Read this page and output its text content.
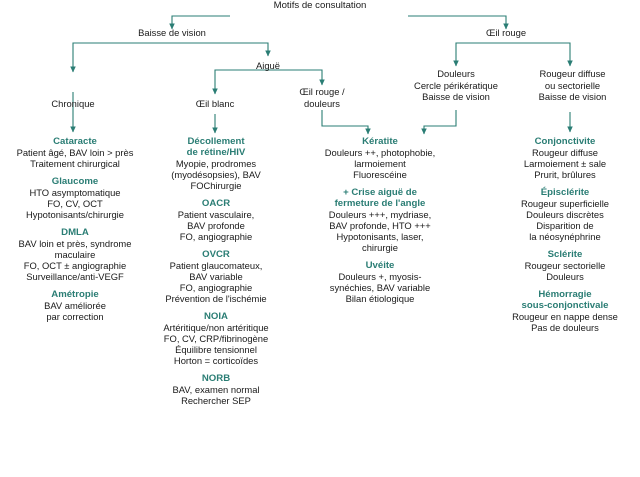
Motifs de consultation
Baisse de vision	Œil rouge
Aiguë
Chronique	Œil blanc
Œil rouge /
douleurs
Douleurs
Cercle périkératique
Baisse de vision
Rougeur diffuse
ou sectorielle
Baisse de vision
Cataracte
Patient âgé, BAV loin > près
Traitement chirurgical
Glaucome
HTO asymptomatique
FO, CV, OCT
Hypotonisants/chirurgie
DMLA
BAV loin et près, syndrome
maculaire
FO, OCT ± angiographie
Surveillance/anti-VEGF
Amétropie
BAV améliorée
par correction
Décollement
de rétine/HIV
Myopie, prodromes
(myodésopsies), BAV
FOChirurgie
OACR
Patient vasculaire,
BAV profonde
FO, angiographie
OVCR
Patient glaucomateux,
BAV variable
FO, angiographie
Prévention de l'ischémie
NOIA
Artéritique/non artéritique
FO, CV, CRP/fibrinogène
Équilibre tensionnel
Horton = corticoïdes
NORB
BAV, examen normal
Rechercher SEP
Kératite
Douleurs ++, photophobie,
larmoiement
Fluorescéine
+ Crise aiguë de
fermeture de l'angle
Douleurs +++, mydriase,
BAV profonde, HTO +++
Hypotonisants, laser,
chirurgie
Uvéite
Douleurs +, myosis-
synéchies, BAV variable
Bilan étiologique
Conjonctivite
Rougeur diffuse
Larmoiement ± sale
Prurit, brûlures
Épisclérite
Rougeur superficielle
Douleurs discrètes
Disparition de
la néosynéphrine
Sclérite
Rougeur sectorielle
Douleurs
Hémorragie
sous-conjonctivale
Rougeur en nappe dense
Pas de douleurs
